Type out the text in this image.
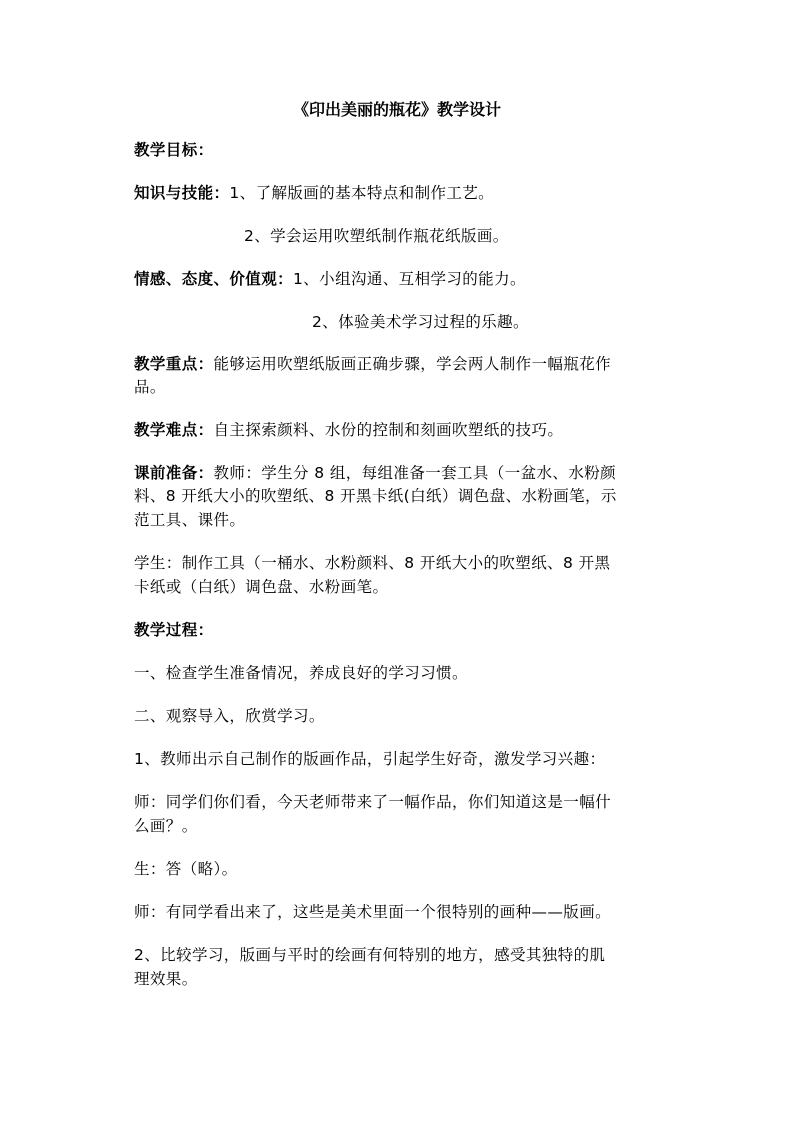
《印出美丽的瓶花》教学设计
教学目标：
知识与技能：1、了解版画的基本特点和制作工艺。
2、学会运用吹塑纸制作瓶花纸版画。
情感、态度、价值观：1、小组沟通、互相学习的能力。
2、体验美术学习过程的乐趣。
教学重点：能够运用吹塑纸版画正确步骤，学会两人制作一幅瓶花作
品。
教学难点：自主探索颜料、水份的控制和刻画吹塑纸的技巧。
课前准备：教师：学生分 8 组，每组准备一套工具（一盆水、水粉颜
料、8 开纸大小的吹塑纸、8 开黑卡纸(白纸）调色盘、水粉画笔，示
范工具、课件。
学生：制作工具（一桶水、水粉颜料、8 开纸大小的吹塑纸、8 开黑
卡纸或（白纸）调色盘、水粉画笔。
教学过程：
一、检查学生准备情况，养成良好的学习习惯。
二、观察导入，欣赏学习。
1、教师出示自己制作的版画作品，引起学生好奇，激发学习兴趣：
师：同学们你们看，今天老师带来了一幅作品，你们知道这是一幅什
么画？。
生：答（略）。
师：有同学看出来了，这些是美术里面一个很特别的画种——版画。
2、比较学习，版画与平时的绘画有何特别的地方，感受其独特的肌
理效果。
